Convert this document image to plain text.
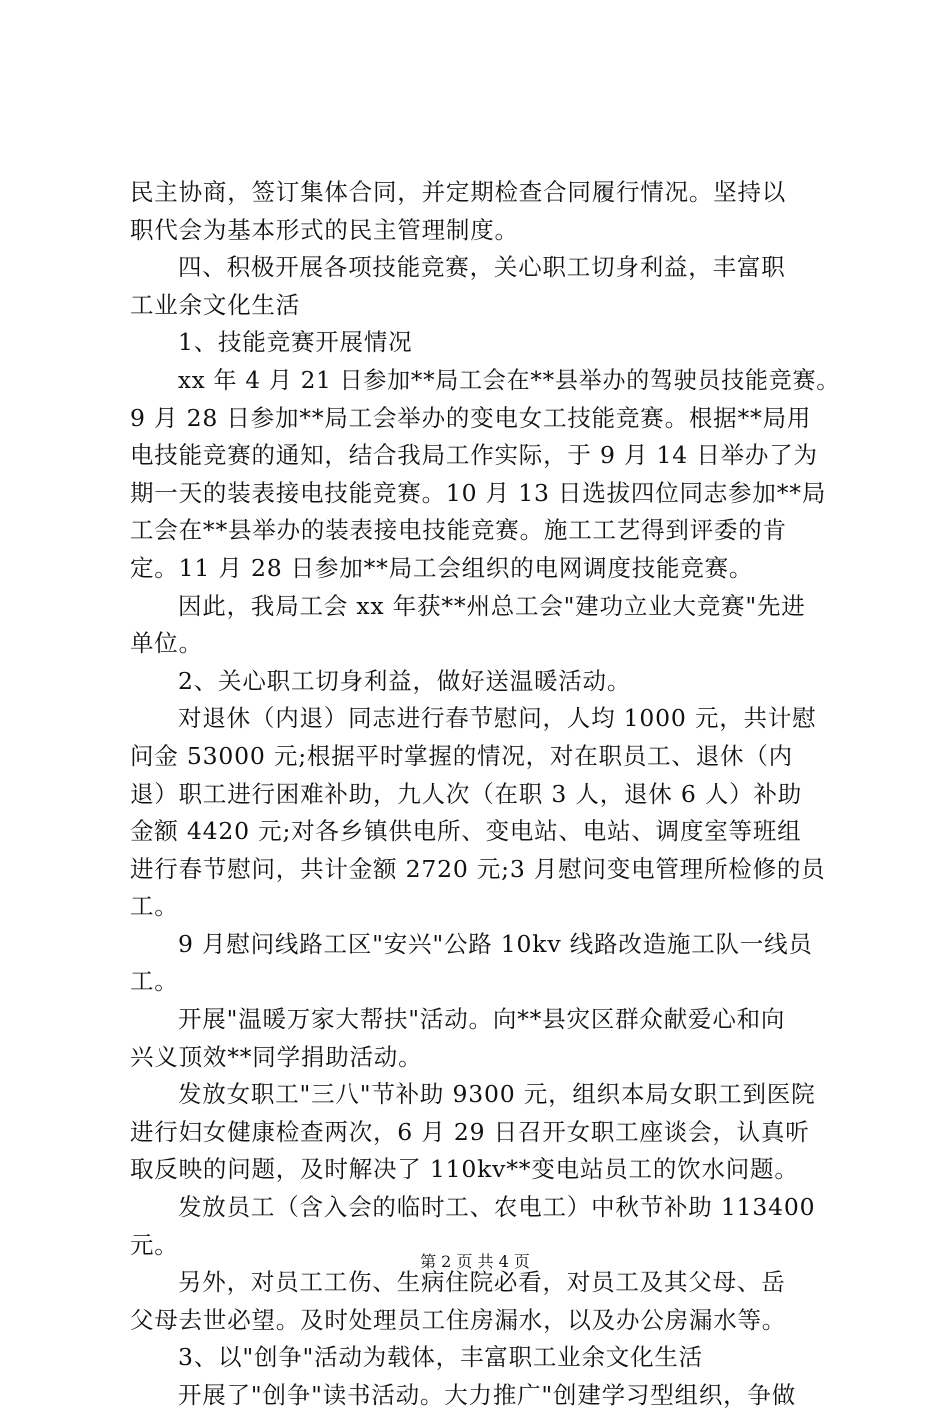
民主协商，签订集体合同，并定期检查合同履行情况。坚持以
职代会为基本形式的民主管理制度。
四、积极开展各项技能竞赛，关心职工切身利益，丰富职
工业余文化生活
1、技能竞赛开展情况
xx 年 4 月 21 日参加**局工会在**县举办的驾驶员技能竞赛。
9 月 28 日参加**局工会举办的变电女工技能竞赛。根据**局用
电技能竞赛的通知，结合我局工作实际，于 9 月 14 日举办了为
期一天的装表接电技能竞赛。10 月 13 日选拔四位同志参加**局
工会在**县举办的装表接电技能竞赛。施工工艺得到评委的肯
定。11 月 28 日参加**局工会组织的电网调度技能竞赛。
因此，我局工会 xx 年获**州总工会"建功立业大竞赛"先进
单位。
2、关心职工切身利益，做好送温暖活动。
对退休（内退）同志进行春节慰问，人均 1000 元，共计慰
问金 53000 元;根据平时掌握的情况，对在职员工、退休（内
退）职工进行困难补助，九人次（在职 3 人，退休 6 人）补助
金额 4420 元;对各乡镇供电所、变电站、电站、调度室等班组
进行春节慰问，共计金额 2720 元;3 月慰问变电管理所检修的员
工。
9 月慰问线路工区"安兴"公路 10kv 线路改造施工队一线员
工。
开展"温暖万家大帮扶"活动。向**县灾区群众献爱心和向
兴义顶效**同学捐助活动。
发放女职工"三八"节补助 9300 元，组织本局女职工到医院
进行妇女健康检查两次，6 月 29 日召开女职工座谈会，认真听
取反映的问题，及时解决了 110kv**变电站员工的饮水问题。
发放员工（含入会的临时工、农电工）中秋节补助 113400
元。
另外，对员工工伤、生病住院必看，对员工及其父母、岳
父母去世必望。及时处理员工住房漏水，以及办公房漏水等。
3、以"创争"活动为载体，丰富职工业余文化生活
开展了"创争"读书活动。大力推广"创建学习型组织，争做
第 2 页 共 4 页
